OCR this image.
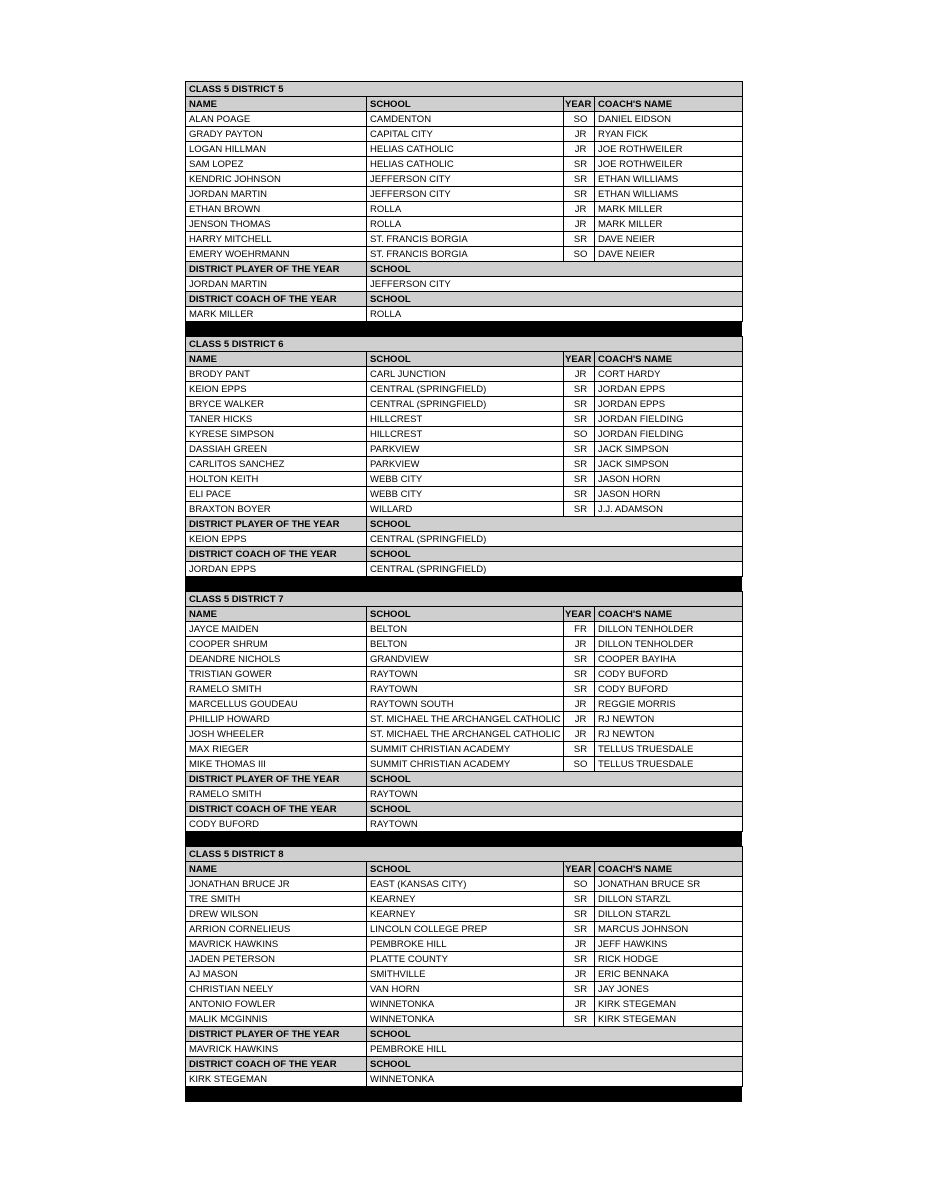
CLASS 5 DISTRICT 5			
NAME	SCHOOL	YEAR	COACH'S NAME
ALAN POAGE	CAMDENTON	SO	DANIEL EIDSON
GRADY PAYTON	CAPITAL CITY	JR	RYAN FICK
LOGAN HILLMAN	HELIAS CATHOLIC	JR	JOE ROTHWEILER
SAM LOPEZ	HELIAS CATHOLIC	SR	JOE ROTHWEILER
KENDRIC JOHNSON	JEFFERSON CITY	SR	ETHAN WILLIAMS
JORDAN MARTIN	JEFFERSON CITY	SR	ETHAN WILLIAMS
ETHAN BROWN	ROLLA	JR	MARK MILLER
JENSON THOMAS	ROLLA	JR	MARK MILLER
HARRY MITCHELL	ST. FRANCIS BORGIA	SR	DAVE NEIER
EMERY WOEHRMANN	ST. FRANCIS BORGIA	SO	DAVE NEIER
DISTRICT PLAYER OF THE YEAR	SCHOOL		
JORDAN MARTIN	JEFFERSON CITY		
DISTRICT COACH OF THE YEAR	SCHOOL		
MARK MILLER	ROLLA		
CLASS 5 DISTRICT 6			
NAME	SCHOOL	YEAR	COACH'S NAME
BRODY PANT	CARL JUNCTION	JR	CORT HARDY
KEION EPPS	CENTRAL (SPRINGFIELD)	SR	JORDAN EPPS
BRYCE WALKER	CENTRAL (SPRINGFIELD)	SR	JORDAN EPPS
TANER HICKS	HILLCREST	SR	JORDAN FIELDING
KYRESE SIMPSON	HILLCREST	SO	JORDAN FIELDING
DASSIAH GREEN	PARKVIEW	SR	JACK SIMPSON
CARLITOS SANCHEZ	PARKVIEW	SR	JACK SIMPSON
HOLTON KEITH	WEBB CITY	SR	JASON HORN
ELI PACE	WEBB CITY	SR	JASON HORN
BRAXTON BOYER	WILLARD	SR	J.J. ADAMSON
DISTRICT PLAYER OF THE YEAR	SCHOOL		
KEION EPPS	CENTRAL (SPRINGFIELD)		
DISTRICT COACH OF THE YEAR	SCHOOL		
JORDAN EPPS	CENTRAL (SPRINGFIELD)		
CLASS 5 DISTRICT 7			
NAME	SCHOOL	YEAR	COACH'S NAME
JAYCE MAIDEN	BELTON	FR	DILLON TENHOLDER
COOPER SHRUM	BELTON	JR	DILLON TENHOLDER
DEANDRE NICHOLS	GRANDVIEW	SR	COOPER BAYIHA
TRISTIAN GOWER	RAYTOWN	SR	CODY BUFORD
RAMELO SMITH	RAYTOWN	SR	CODY BUFORD
MARCELLUS GOUDEAU	RAYTOWN SOUTH	JR	REGGIE MORRIS
PHILLIP HOWARD	ST. MICHAEL THE ARCHANGEL CATHOLIC	JR	RJ NEWTON
JOSH WHEELER	ST. MICHAEL THE ARCHANGEL CATHOLIC	JR	RJ NEWTON
MAX RIEGER	SUMMIT CHRISTIAN ACADEMY	SR	TELLUS TRUESDALE
MIKE THOMAS III	SUMMIT CHRISTIAN ACADEMY	SO	TELLUS TRUESDALE
DISTRICT PLAYER OF THE YEAR	SCHOOL		
RAMELO SMITH	RAYTOWN		
DISTRICT COACH OF THE YEAR	SCHOOL		
CODY BUFORD	RAYTOWN		
CLASS 5 DISTRICT 8			
NAME	SCHOOL	YEAR	COACH'S NAME
JONATHAN BRUCE JR	EAST (KANSAS CITY)	SO	JONATHAN BRUCE SR
TRE SMITH	KEARNEY	SR	DILLON STARZL
DREW WILSON	KEARNEY	SR	DILLON STARZL
ARRION CORNELIEUS	LINCOLN COLLEGE PREP	SR	MARCUS JOHNSON
MAVRICK HAWKINS	PEMBROKE HILL	JR	JEFF HAWKINS
JADEN PETERSON	PLATTE COUNTY	SR	RICK HODGE
AJ MASON	SMITHVILLE	JR	ERIC BENNAKA
CHRISTIAN NEELY	VAN HORN	SR	JAY JONES
ANTONIO FOWLER	WINNETONKA	JR	KIRK STEGEMAN
MALIK MCGINNIS	WINNETONKA	SR	KIRK STEGEMAN
DISTRICT PLAYER OF THE YEAR	SCHOOL		
MAVRICK HAWKINS	PEMBROKE HILL		
DISTRICT COACH OF THE YEAR	SCHOOL		
KIRK STEGEMAN	WINNETONKA		
